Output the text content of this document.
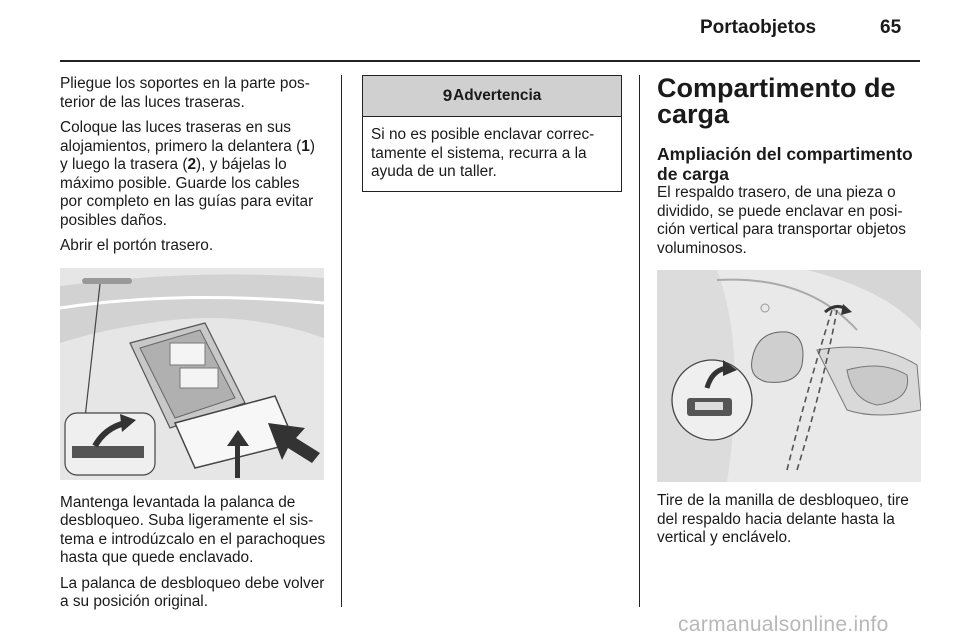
Portaobjetos	65

Pliegue los soportes en la parte posterior de las luces traseras.

Coloque las luces traseras en sus alojamientos, primero la delantera (1) y luego la trasera (2), y bájelas lo máximo posible. Guarde los cables por completo en las guías para evitar posibles daños.

Abrir el portón trasero.

Mantenga levantada la palanca de desbloqueo. Suba ligeramente el sistema e introdúzcalo en el parachoques hasta que quede enclavado.

La palanca de desbloqueo debe volver a su posición original.

9 Advertencia
Si no es posible enclavar correctamente el sistema, recurra a la ayuda de un taller.
Compartimento de carga
Ampliación del compartimento de carga

El respaldo trasero, de una pieza o dividido, se puede enclavar en posición vertical para transportar objetos voluminosos.

Tire de la manilla de desbloqueo, tire del respaldo hacia delante hasta la vertical y enclávelo.

carmanualsonline.info
